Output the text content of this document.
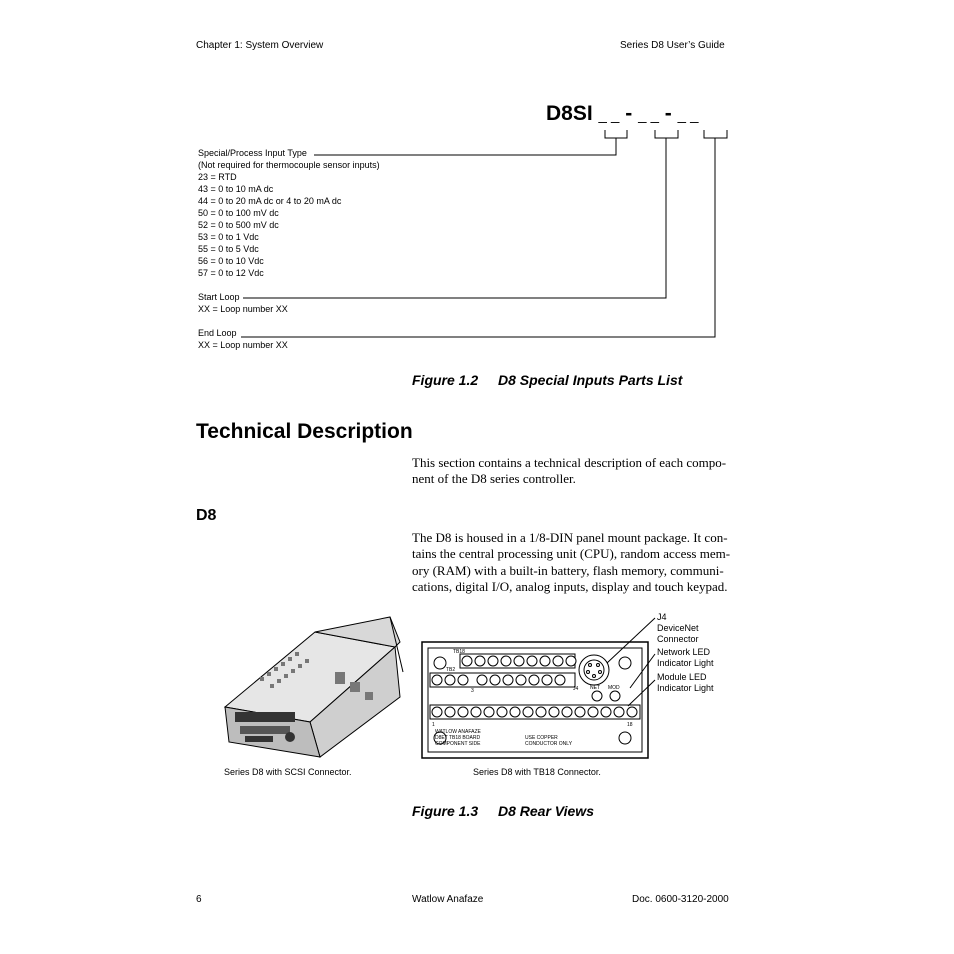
Chapter 1: System Overview	Series D8 User’s Guide
D8SI _ _ - _ _ - _ _
Special/Process Input Type
(Not required for thermocouple sensor inputs)
23 = RTD
43 = 0 to 10 mA dc
44 = 0 to 20 mA dc or 4 to 20 mA dc
50 = 0 to 100 mV dc
52 = 0 to 500 mV dc
53 = 0 to 1 Vdc
55 = 0 to 5 Vdc
56 = 0 to 10 Vdc
57 = 0 to 12 Vdc
Start Loop
XX = Loop number XX
End Loop
XX = Loop number XX
Figure 1.2 D8 Special Inputs Parts List
Technical Description
This section contains a technical description of each compo-
nent of the D8 series controller.
D8
The D8 is housed in a 1/8-DIN panel mount package. It con-
tains the central processing unit (CPU), random access mem-
ory (RAM) with a built-in battery, flash memory, communi-
cations, digital I/O, analog inputs, display and touch keypad.
TB18
1	18
TB2
3	J4 NET MOD
WATLOW ANAFAZE
D8ET TB18 BOARD
COMPONENT SIDE
USE COPPER
CONDUCTOR ONLY
J4
DeviceNet
Connector
Network LED
Indicator Light
Module LED
Indicator Light
Series D8 with SCSI Connector.	Series D8 with TB18 Connector.
Figure 1.3 D8 Rear Views
6	Watlow Anafaze	Doc. 0600-3120-2000
